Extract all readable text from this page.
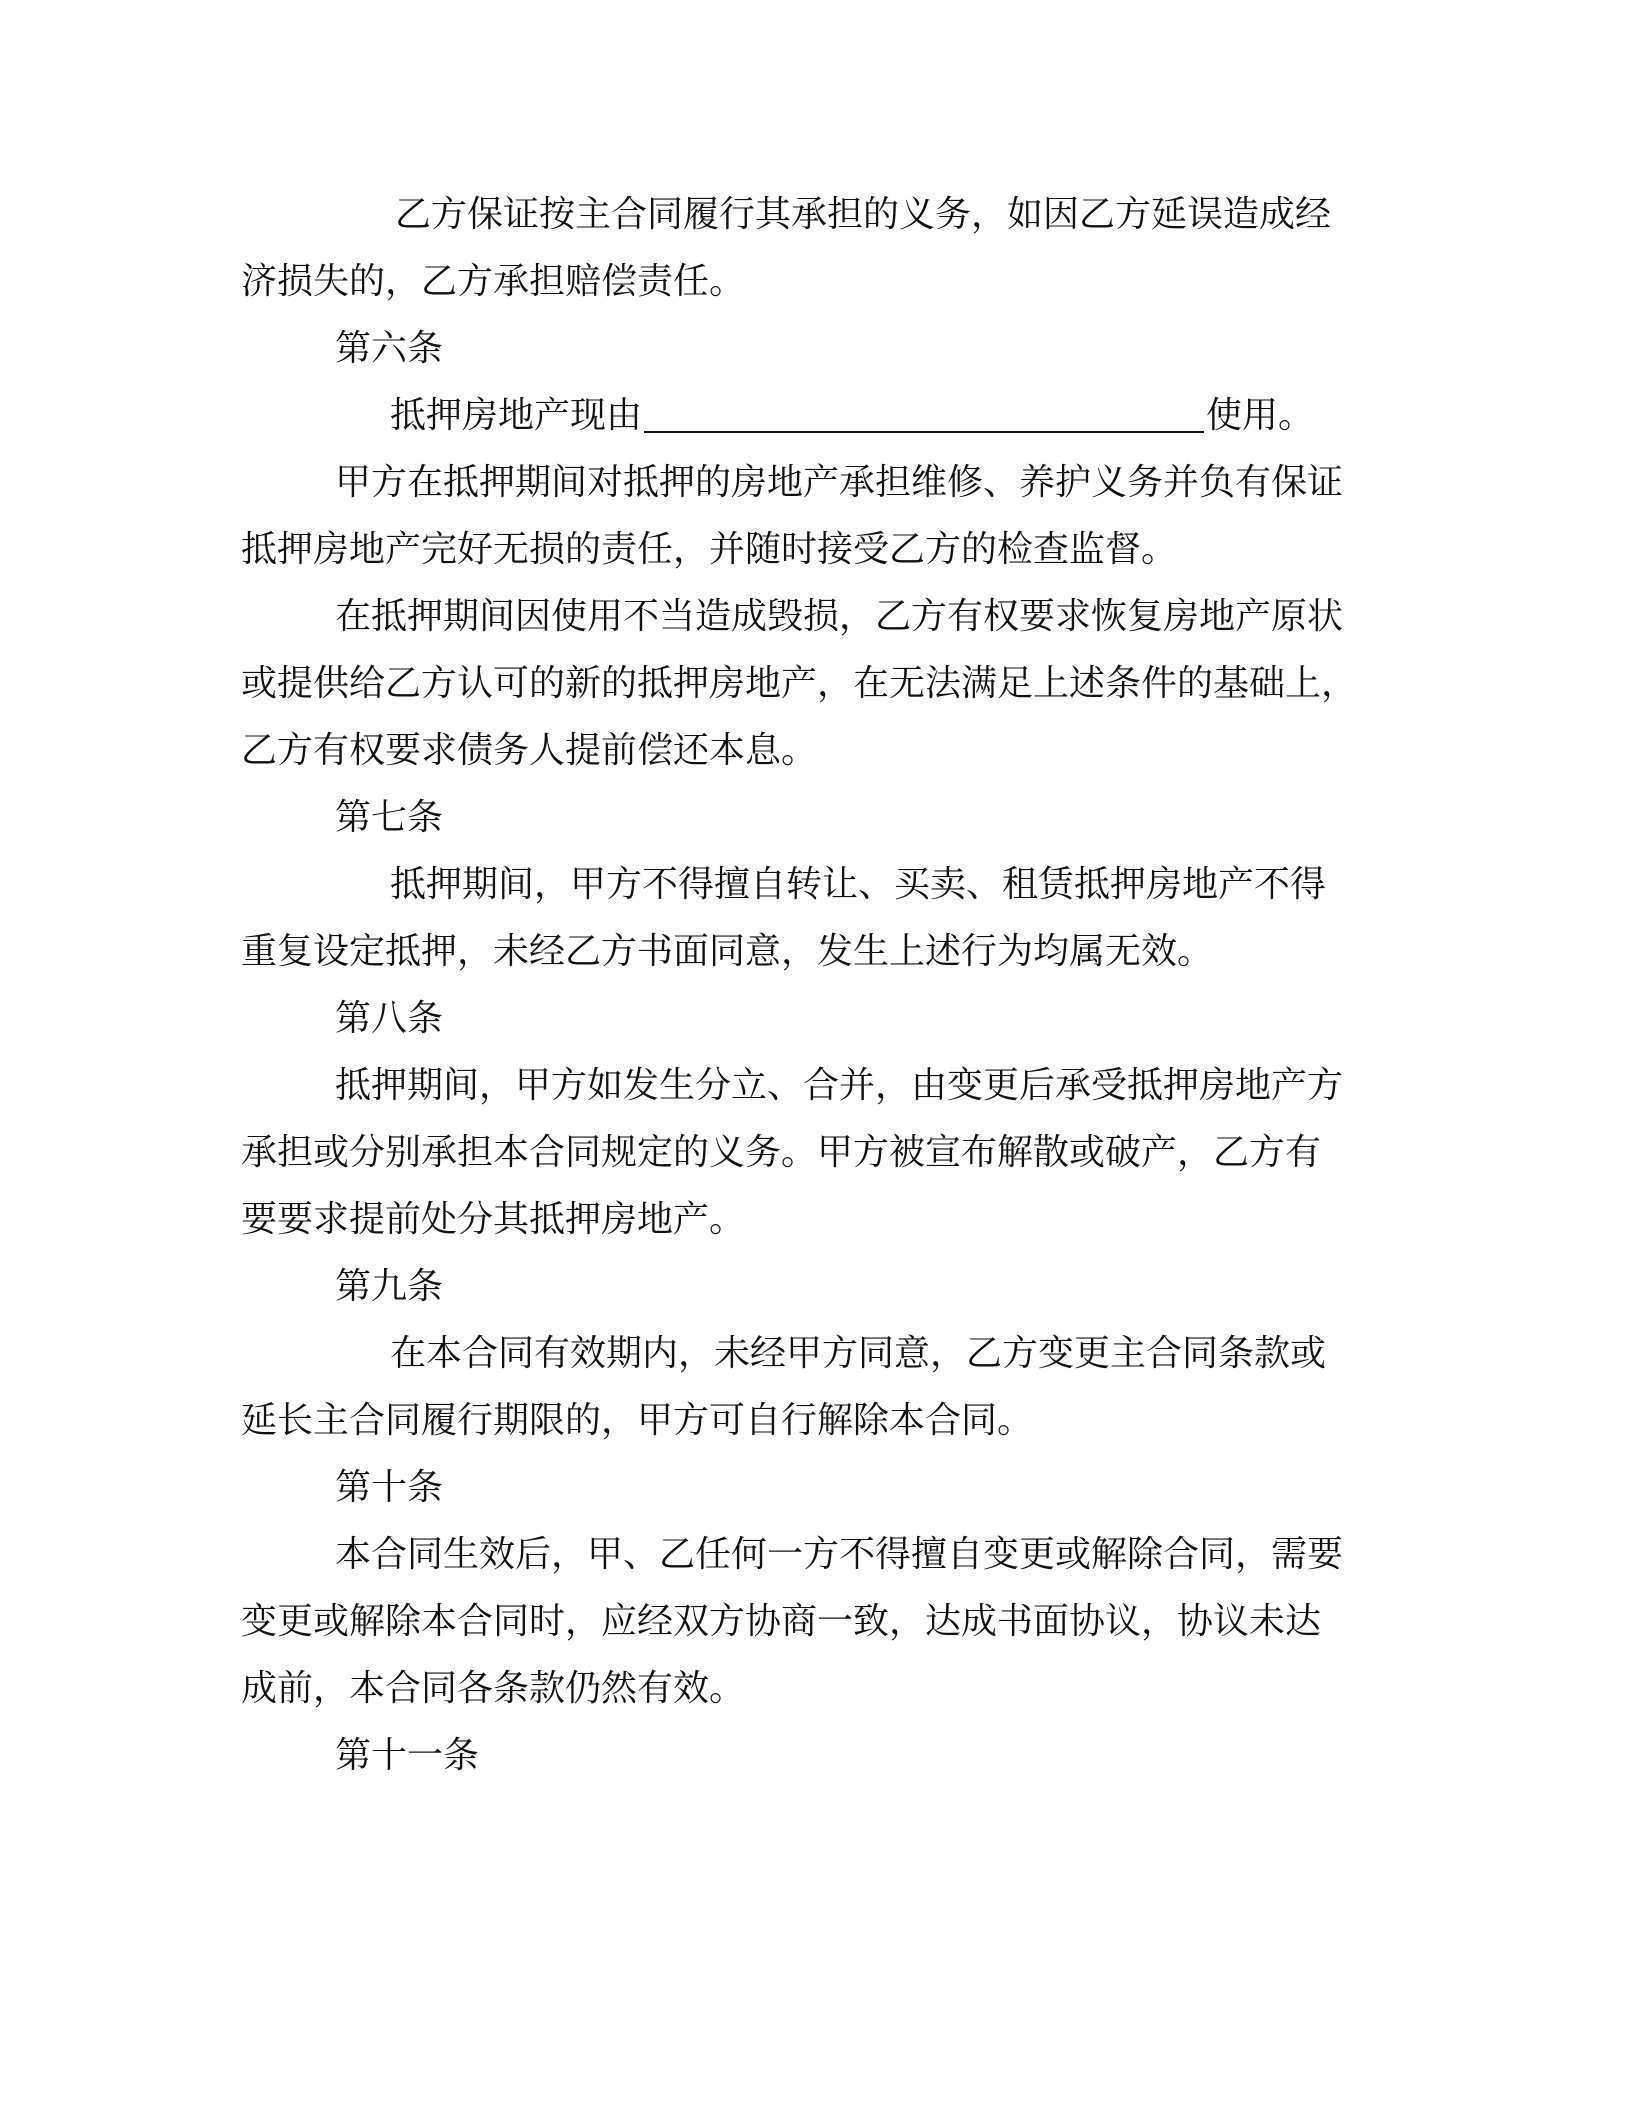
乙方保证按主合同履行其承担的义务，如因乙方延误造成经
济损失的，乙方承担赔偿责任。
第六条
抵押房地产现由	使用。
甲方在抵押期间对抵押的房地产承担维修、养护义务并负有保证
抵押房地产完好无损的责任，并随时接受乙方的检查监督。
在抵押期间因使用不当造成毁损，乙方有权要求恢复房地产原状
或提供给乙方认可的新的抵押房地产，在无法满足上述条件的基础上，
乙方有权要求债务人提前偿还本息。
第七条
抵押期间，甲方不得擅自转让、买卖、租赁抵押房地产不得
重复设定抵押，未经乙方书面同意，发生上述行为均属无效。
第八条
抵押期间，甲方如发生分立、合并，由变更后承受抵押房地产方
承担或分别承担本合同规定的义务。甲方被宣布解散或破产，乙方有
要要求提前处分其抵押房地产。
第九条
在本合同有效期内，未经甲方同意，乙方变更主合同条款或
延长主合同履行期限的，甲方可自行解除本合同。
第十条
本合同生效后，甲、乙任何一方不得擅自变更或解除合同，需要
变更或解除本合同时，应经双方协商一致，达成书面协议，协议未达
成前，本合同各条款仍然有效。
第十一条
